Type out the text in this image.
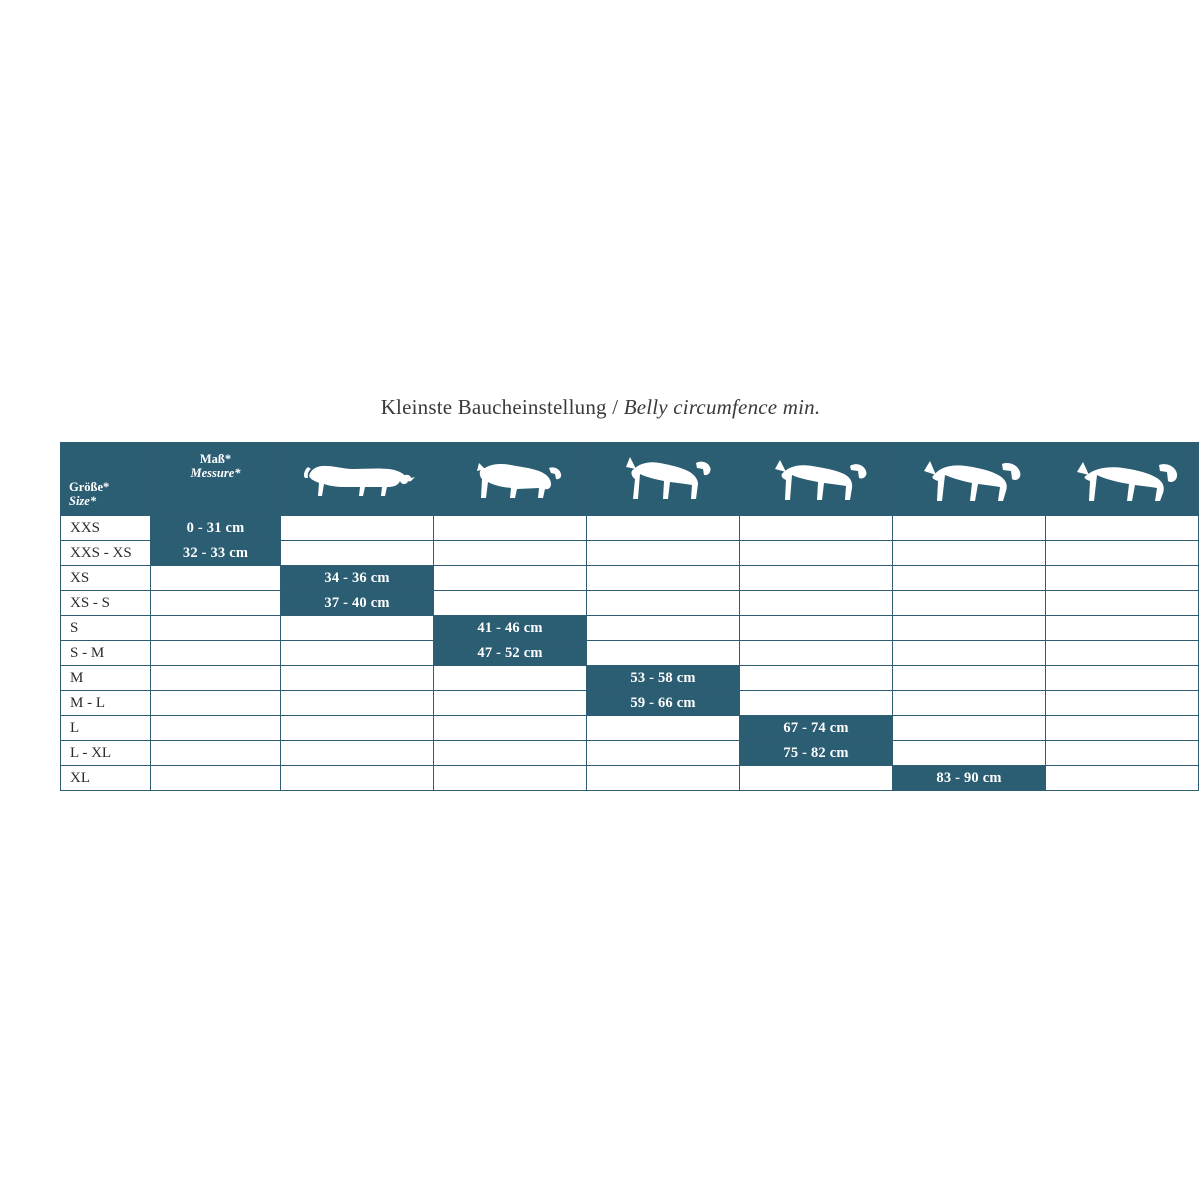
Kleinste Baucheinstellung / Belly circumfence min.
Größe*
Size*	Maß*
Messure*

XXS	0 - 31 cm						
XXS - XS	32 - 33 cm						
XS		34 - 36 cm					
XS - S		37 - 40 cm					
S			41 - 46 cm				
S - M			47 - 52 cm				
M				53 - 58 cm			
M - L				59 - 66 cm			
L					67 - 74 cm		
L - XL					75 - 82 cm		
XL						83 - 90 cm	
